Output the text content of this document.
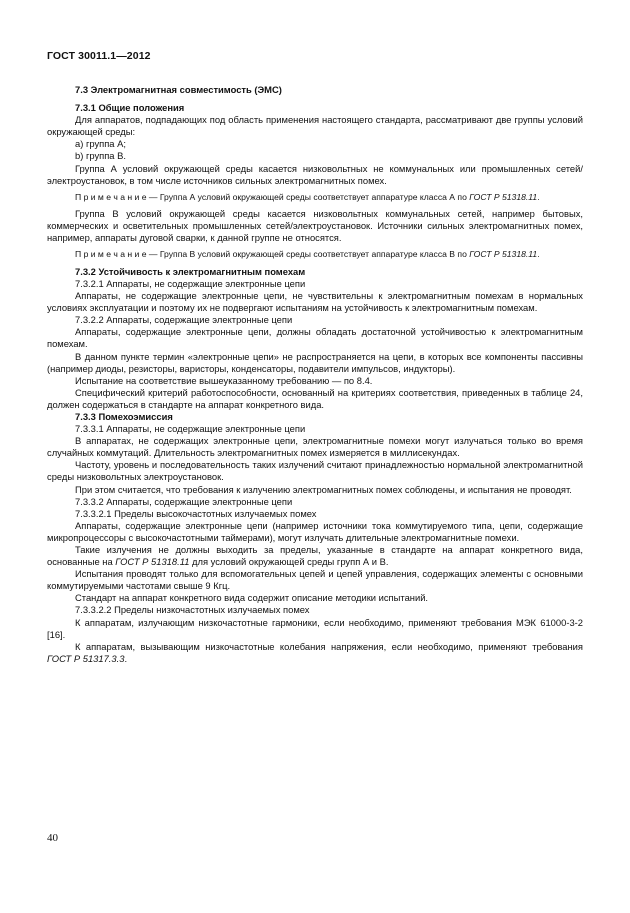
ГОСТ 30011.1—2012

7.3 Электромагнитная совместимость (ЭМС)

7.3.1 Общие положения

Для аппаратов, подпадающих под область применения настоящего стандарта, рассматривают две группы условий окружающей среды:

а) группа А;

b) группа В.

Группа А условий окружающей среды касается низковольтных не коммунальных или промышленных сетей/электроустановок, в том числе источников сильных электромагнитных помех.

П р и м е ч а н и е — Группа А условий окружающей среды соответствует аппаратуре класса А по ГОСТ Р 51318.11.

Группа В условий окружающей среды касается низковольтных коммунальных сетей, например бытовых, коммерческих и осветительных промышленных сетей/электроустановок. Источники сильных электромагнитных помех, например, аппараты дуговой сварки, к данной группе не относятся.

П р и м е ч а н и е — Группа В условий окружающей среды соответствует аппаратуре класса В по ГОСТ Р 51318.11.

7.3.2 Устойчивость к электромагнитным помехам

7.3.2.1 Аппараты, не содержащие электронные цепи

Аппараты, не содержащие электронные цепи, не чувствительны к электромагнитным помехам в нормальных условиях эксплуатации и поэтому их не подвергают испытаниям на устойчивость к электромагнитным помехам.

7.3.2.2 Аппараты, содержащие электронные цепи

Аппараты, содержащие электронные цепи, должны обладать достаточной устойчивостью к электромагнитным помехам.

В данном пункте термин «электронные цепи» не распространяется на цепи, в которых все компоненты пассивны (например диоды, резисторы, варисторы, конденсаторы, подавители импульсов, индукторы).

Испытание на соответствие вышеуказанному требованию — по 8.4.

Специфический критерий работоспособности, основанный на критериях соответствия, приведенных в таблице 24, должен содержаться в стандарте на аппарат конкретного вида.

7.3.3 Помехоэмиссия

7.3.3.1 Аппараты, не содержащие электронные цепи

В аппаратах, не содержащих электронные цепи, электромагнитные помехи могут излучаться только во время случайных коммутаций. Длительность электромагнитных помех измеряется в миллисекундах.

Частоту, уровень и последовательность таких излучений считают принадлежностью нормальной электромагнитной среды низковольтных электроустановок.

При этом считается, что требования к излучению электромагнитных помех соблюдены, и испытания не проводят.

7.3.3.2 Аппараты, содержащие электронные цепи

7.3.3.2.1 Пределы высокочастотных излучаемых помех

Аппараты, содержащие электронные цепи (например источники тока коммутируемого типа, цепи, содержащие микропроцессоры с высокочастотными таймерами), могут излучать длительные электромагнитные помехи.

Такие излучения не должны выходить за пределы, указанные в стандарте на аппарат конкретного вида, основанные на ГОСТ Р 51318.11 для условий окружающей среды групп А и В.

Испытания проводят только для вспомогательных цепей и цепей управления, содержащих элементы с основными коммутируемыми частотами свыше 9 Кгц.

Стандарт на аппарат конкретного вида содержит описание методики испытаний.

7.3.3.2.2 Пределы низкочастотных излучаемых помех

К аппаратам, излучающим низкочастотные гармоники, если необходимо, применяют требования МЭК 61000-3-2 [16].

К аппаратам, вызывающим низкочастотные колебания напряжения, если необходимо, применяют требования ГОСТ Р 51317.3.3.

40
